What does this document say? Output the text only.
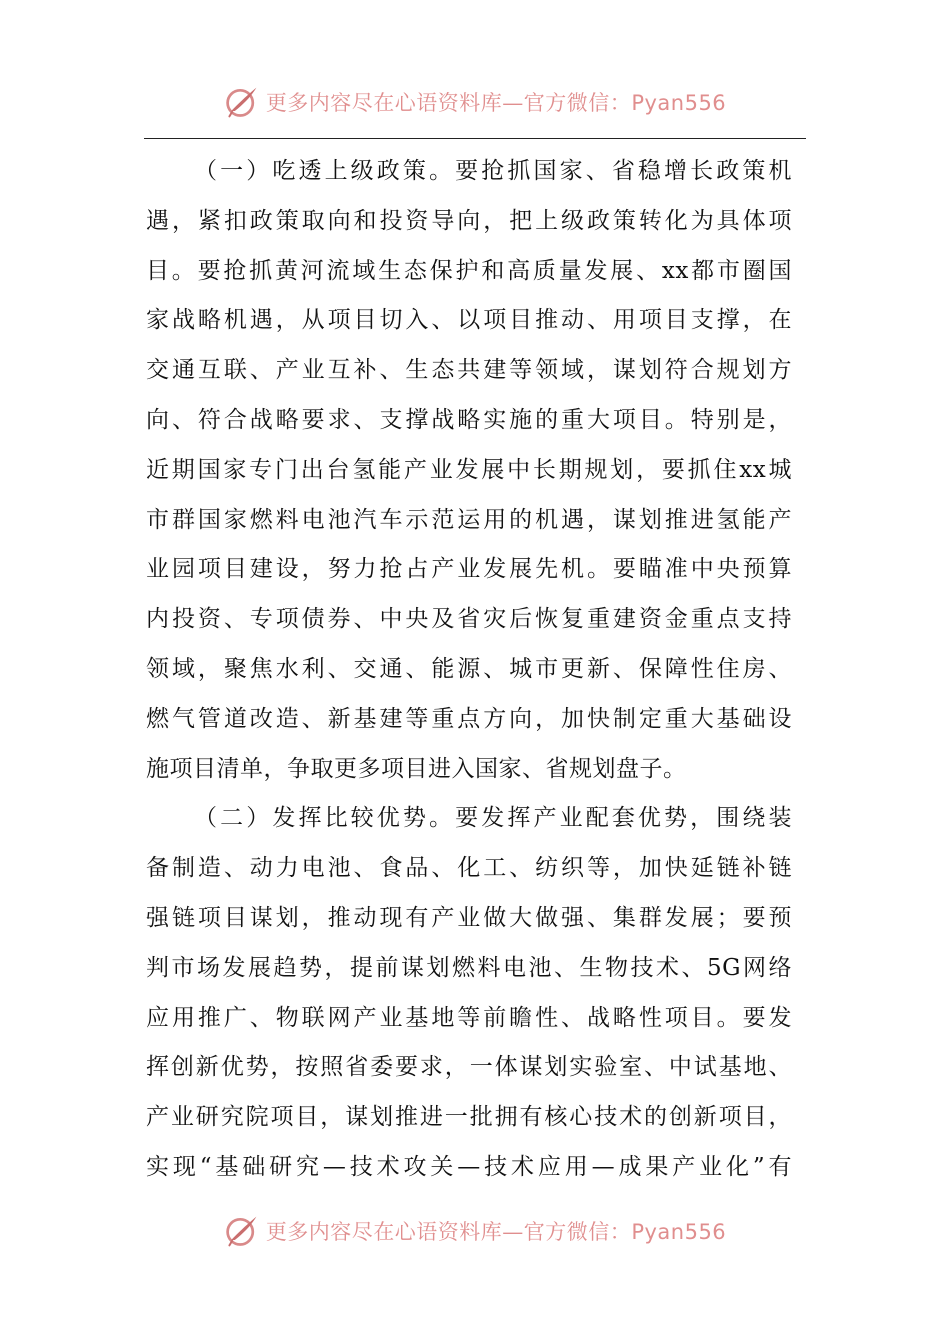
更多内容尽在心语资料库—官方微信：Pyan556
（一）吃透上级政策。要抢抓国家、省稳增长政策机
遇，紧扣政策取向和投资导向，把上级政策转化为具体项
目。要抢抓黄河流域生态保护和高质量发展、xx都市圈国
家战略机遇，从项目切入、以项目推动、用项目支撑，在
交通互联、产业互补、生态共建等领域，谋划符合规划方
向、符合战略要求、支撑战略实施的重大项目。特别是，
近期国家专门出台氢能产业发展中长期规划，要抓住xx城
市群国家燃料电池汽车示范运用的机遇，谋划推进氢能产
业园项目建设，努力抢占产业发展先机。要瞄准中央预算
内投资、专项债券、中央及省灾后恢复重建资金重点支持
领域，聚焦水利、交通、能源、城市更新、保障性住房、
燃气管道改造、新基建等重点方向，加快制定重大基础设
施项目清单，争取更多项目进入国家、省规划盘子。
（二）发挥比较优势。要发挥产业配套优势，围绕装
备制造、动力电池、食品、化工、纺织等，加快延链补链
强链项目谋划，推动现有产业做大做强、集群发展；要预
判市场发展趋势，提前谋划燃料电池、生物技术、5G网络
应用推广、物联网产业基地等前瞻性、战略性项目。要发
挥创新优势，按照省委要求，一体谋划实验室、中试基地、
产业研究院项目，谋划推进一批拥有核心技术的创新项目，
实现“基础研究—技术攻关—技术应用—成果产业化”有
更多内容尽在心语资料库—官方微信：Pyan556
